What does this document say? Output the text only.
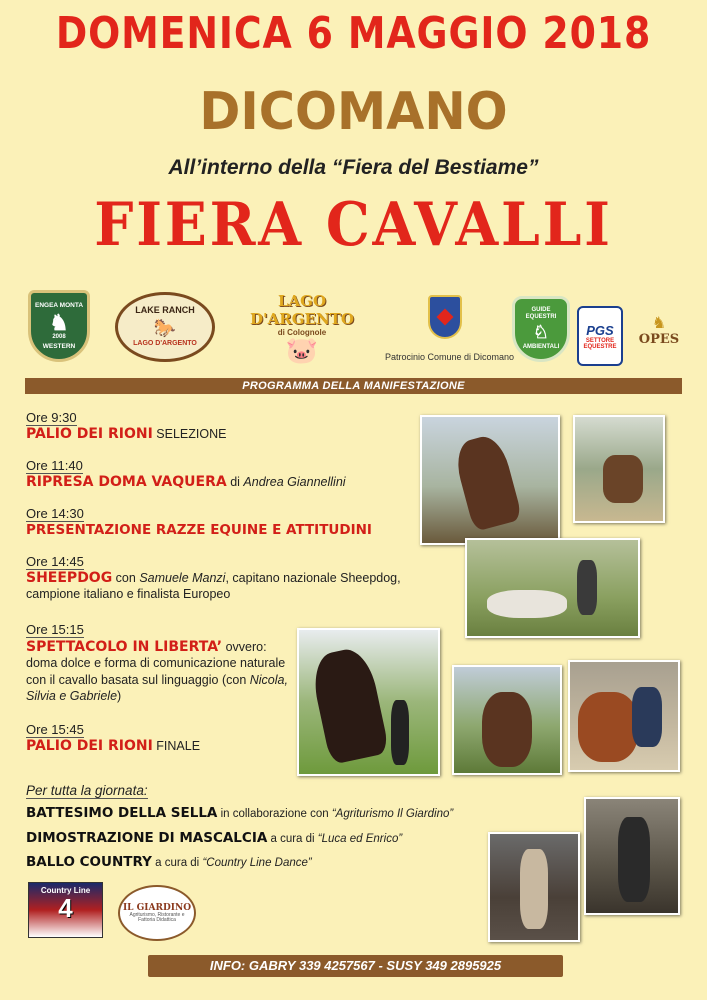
DOMENICA 6 MAGGIO 2018
DICOMANO
All’interno della “Fiera del Bestiame”
FIERA CAVALLI
ENGEA MONTA
♞
2008
WESTERN
LAKE RANCH
🐎
LAGO D'ARGENTO
LAGO D'ARGENTO
di Colognole
🐷	Patrocinio Comune di Dicomano
GUIDE EQUESTRI
♘
AMBIENTALI
PGS
SETTORE EQUESTRE
♞
OPES
PROGRAMMA DELLA MANIFESTAZIONE
Ore 9:30
PALIO DEI RIONI SELEZIONE
Ore 11:40
RIPRESA DOMA VAQUERA di Andrea Giannellini
Ore 14:30
PRESENTAZIONE RAZZE EQUINE E ATTITUDINI
Ore 14:45
SHEEPDOG con Samuele Manzi, capitano nazionale Sheepdog, campione italiano e finalista Europeo
Ore 15:15
SPETTACOLO IN LIBERTA’ ovvero: doma dolce e forma di comunicazione naturale con il cavallo basata sul linguaggio (con Nicola, Silvia e Gabriele)
Ore 15:45
PALIO DEI RIONI FINALE
Per tutta la giornata:
BATTESIMO DELLA SELLA in collaborazione con “Agriturismo Il Giardino”
DIMOSTRAZIONE DI MASCALCIA a cura di “Luca ed Enrico”
BALLO COUNTRY a cura di “Country Line Dance”
Country Line
4	IL GIARDINO
Agriturismo, Ristorante e Fattoria Didattica
INFO: GABRY 339 4257567 - SUSY 349 2895925
